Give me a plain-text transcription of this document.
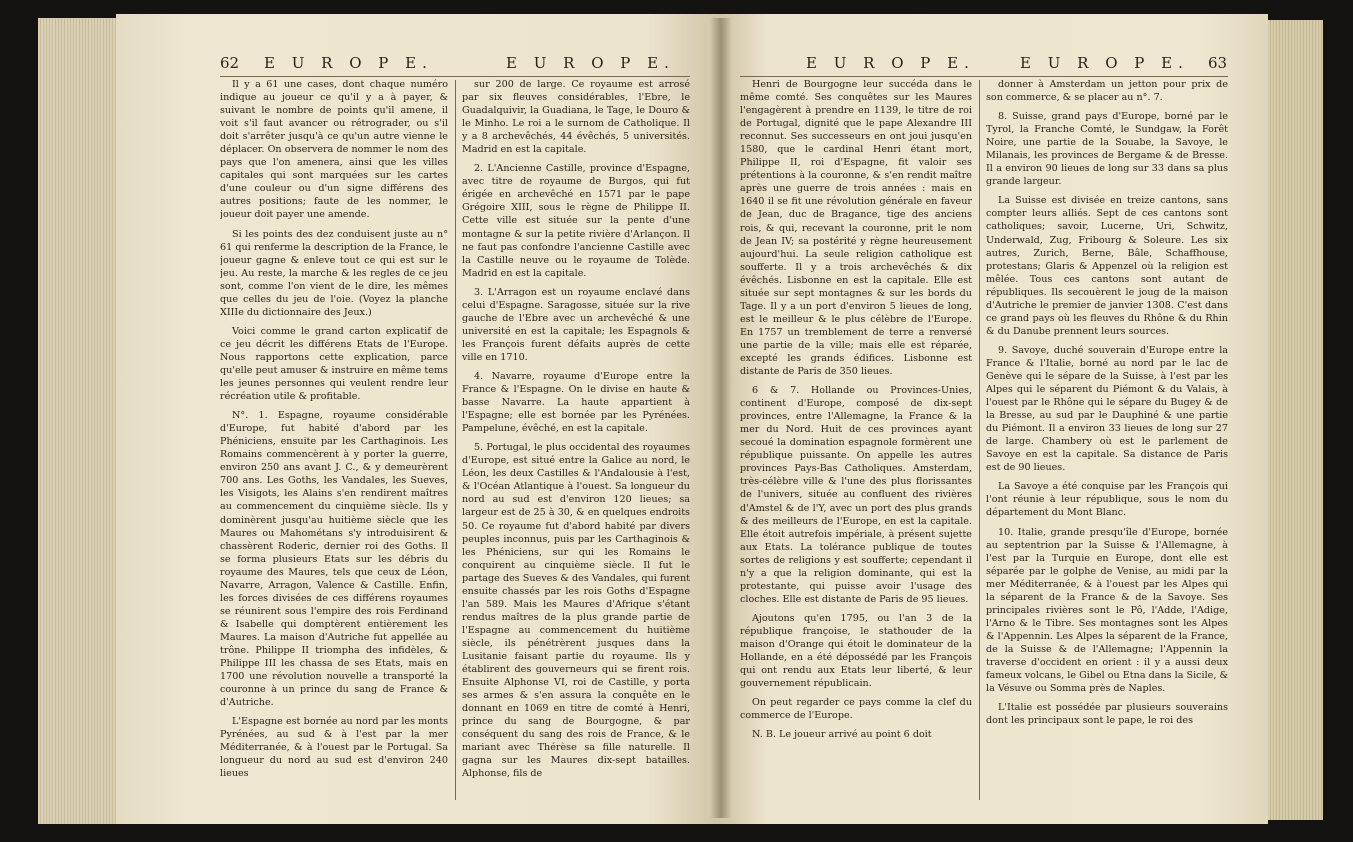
62 E U R O P E.	E U R O P E.

Il y a 61 une cases, dont chaque numéro indique au joueur ce qu'il y a à payer, & suivant le nombre de points qu'il amene, il voit s'il faut avancer ou rétrograder, ou s'il doit s'arrêter jusqu'à ce qu'un autre vienne le déplacer. On observera de nommer le nom des pays que l'on amenera, ainsi que les villes capitales qui sont marquées sur les cartes d'une couleur ou d'un signe différens des autres positions; faute de les nommer, le joueur doit payer une amende.

Si les points des dez conduisent juste au n° 61 qui renferme la description de la France, le joueur gagne & enleve tout ce qui est sur le jeu. Au reste, la marche & les regles de ce jeu sont, comme l'on vient de le dire, les mêmes que celles du jeu de l'oie. (Voyez la planche XIIIe du dictionnaire des Jeux.)

Voici comme le grand carton explicatif de ce jeu décrit les différens Etats de l'Europe. Nous rapportons cette explication, parce qu'elle peut amuser & instruire en même tems les jeunes personnes qui veulent rendre leur récréation utile & profitable.

N°. 1. Espagne, royaume considérable d'Europe, fut habité d'abord par les Phéniciens, ensuite par les Carthaginois. Les Romains commencèrent à y porter la guerre, environ 250 ans avant J. C., & y demeurèrent 700 ans. Les Goths, les Vandales, les Sueves, les Visigots, les Alains s'en rendirent maîtres au commencement du cinquième siècle. Ils y dominèrent jusqu'au huitième siècle que les Maures ou Mahométans s'y introduisirent & chassèrent Roderic, dernier roi des Goths. Il se forma plusieurs Etats sur les débris du royaume des Maures, tels que ceux de Léon, Navarre, Arragon, Valence & Castille. Enfin, les forces divisées de ces différens royaumes se réunirent sous l'empire des rois Ferdinand & Isabelle qui domptèrent entièrement les Maures. La maison d'Autriche fut appellée au trône. Philippe II triompha des infidèles, & Philippe III les chassa de ses Etats, mais en 1700 une révolution nouvelle a transporté la couronne à un prince du sang de France & d'Autriche.

L'Espagne est bornée au nord par les monts Pyrénées, au sud & à l'est par la mer Méditerranée, & à l'ouest par le Portugal. Sa longueur du nord au sud est d'environ 240 lieues

sur 200 de large. Ce royaume est arrosé par six fleuves considérables, l'Ebre, le Guadalquivir, la Guadiana, le Tage, le Douro & le Minho. Le roi a le surnom de Catholique. Il y a 8 archevêchés, 44 évêchés, 5 universités. Madrid en est la capitale.

2. L'Ancienne Castille, province d'Espagne, avec titre de royaume de Burgos, qui fut érigée en archevêché en 1571 par le pape Grégoire XIII, sous le règne de Philippe II. Cette ville est située sur la pente d'une montagne & sur la petite rivière d'Arlançon. Il ne faut pas confondre l'ancienne Castille avec la Castille neuve ou le royaume de Tolède. Madrid en est la capitale.

3. L'Arragon est un royaume enclavé dans celui d'Espagne. Saragosse, située sur la rive gauche de l'Ebre avec un archevêché & une université en est la capitale; les Espagnols & les François furent défaits auprès de cette ville en 1710.

4. Navarre, royaume d'Europe entre la France & l'Espagne. On le divise en haute & basse Navarre. La haute appartient à l'Espagne; elle est bornée par les Pyrénées. Pampelune, évêché, en est la capitale.

5. Portugal, le plus occidental des royaumes d'Europe, est situé entre la Galice au nord, le Léon, les deux Castilles & l'Andalousie à l'est, & l'Océan Atlantique à l'ouest. Sa longueur du nord au sud est d'environ 120 lieues; sa largeur est de 25 à 30, & en quelques endroits 50. Ce royaume fut d'abord habité par divers peuples inconnus, puis par les Carthaginois & les Phéniciens, sur qui les Romains le conquirent au cinquième siècle. Il fut le partage des Sueves & des Vandales, qui furent ensuite chassés par les rois Goths d'Espagne l'an 589. Mais les Maures d'Afrique s'étant rendus maîtres de la plus grande partie de l'Espagne au commencement du huitième siècle, ils pénétrèrent jusques dans la Lusitanie faisant partie du royaume. Ils y établirent des gouverneurs qui se firent rois. Ensuite Alphonse VI, roi de Castille, y porta ses armes & s'en assura la conquête en le donnant en 1069 en titre de comté à Henri, prince du sang de Bourgogne, & par conséquent du sang des rois de France, & le mariant avec Thérèse sa fille naturelle. Il gagna sur les Maures dix-sept batailles. Alphonse, fils de

E U R O P E.	E U R O P E. 63

Henri de Bourgogne leur succéda dans le même comté. Ses conquêtes sur les Maures l'engagèrent à prendre en 1139, le titre de roi de Portugal, dignité que le pape Alexandre III reconnut. Ses successeurs en ont joui jusqu'en 1580, que le cardinal Henri étant mort, Philippe II, roi d'Espagne, fit valoir ses prétentions à la couronne, & s'en rendit maître après une guerre de trois années : mais en 1640 il se fit une révolution générale en faveur de Jean, duc de Bragance, tige des anciens rois, & qui, recevant la couronne, prit le nom de Jean IV; sa postérité y règne heureusement aujourd'hui. La seule religion catholique est soufferte. Il y a trois archevêchés & dix évêchés. Lisbonne en est la capitale. Elle est située sur sept montagnes & sur les bords du Tage. Il y a un port d'environ 5 lieues de long, est le meilleur & le plus célèbre de l'Europe. En 1757 un tremblement de terre a renversé une partie de la ville; mais elle est réparée, excepté les grands édifices. Lisbonne est distante de Paris de 350 lieues.

6 & 7. Hollande ou Provinces-Unies, continent d'Europe, composé de dix-sept provinces, entre l'Allemagne, la France & la mer du Nord. Huit de ces provinces ayant secoué la domination espagnole formèrent une république puissante. On appelle les autres provinces Pays-Bas Catholiques. Amsterdam, très-célèbre ville & l'une des plus florissantes de l'univers, située au confluent des rivières d'Amstel & de l'Y, avec un port des plus grands & des meilleurs de l'Europe, en est la capitale. Elle étoit autrefois impériale, à présent sujette aux Etats. La tolérance publique de toutes sortes de religions y est soufferte; cependant il n'y a que la religion dominante, qui est la protestante, qui puisse avoir l'usage des cloches. Elle est distante de Paris de 95 lieues.

Ajoutons qu'en 1795, ou l'an 3 de la république françoise, le stathouder de la maison d'Orange qui étoit le dominateur de la Hollande, en a été dépossédé par les François qui ont rendu aux Etats leur liberté, & leur gouvernement républicain.

On peut regarder ce pays comme la clef du commerce de l'Europe.

N. B. Le joueur arrivé au point 6 doit

donner à Amsterdam un jetton pour prix de son commerce, & se placer au n°. 7.

8. Suisse, grand pays d'Europe, borné par le Tyrol, la Franche Comté, le Sundgaw, la Forêt Noire, une partie de la Souabe, la Savoye, le Milanais, les provinces de Bergame & de Bresse. Il a environ 90 lieues de long sur 33 dans sa plus grande largeur.

La Suisse est divisée en treize cantons, sans compter leurs alliés. Sept de ces cantons sont catholiques; savoir, Lucerne, Uri, Schwitz, Underwald, Zug, Fribourg & Soleure. Les six autres, Zurich, Berne, Bâle, Schaffhouse, protestans; Glaris & Appenzel où la religion est mêlée. Tous ces cantons sont autant de républiques. Ils secouèrent le joug de la maison d'Autriche le premier de janvier 1308. C'est dans ce grand pays où les fleuves du Rhône & du Rhin & du Danube prennent leurs sources.

9. Savoye, duché souverain d'Europe entre la France & l'Italie, borné au nord par le lac de Genève qui le sépare de la Suisse, à l'est par les Alpes qui le séparent du Piémont & du Valais, à l'ouest par le Rhône qui le sépare du Bugey & de la Bresse, au sud par le Dauphiné & une partie du Piémont. Il a environ 33 lieues de long sur 27 de large. Chambery où est le parlement de Savoye en est la capitale. Sa distance de Paris est de 90 lieues.

La Savoye a été conquise par les François qui l'ont réunie à leur république, sous le nom du département du Mont Blanc.

10. Italie, grande presqu'île d'Europe, bornée au septentrion par la Suisse & l'Allemagne, à l'est par la Turquie en Europe, dont elle est séparée par le golphe de Venise, au midi par la mer Méditerranée, & à l'ouest par les Alpes qui la séparent de la France & de la Savoye. Ses principales rivières sont le Pô, l'Adde, l'Adige, l'Arno & le Tibre. Ses montagnes sont les Alpes & l'Appennin. Les Alpes la séparent de la France, de la Suisse & de l'Allemagne; l'Appennin la traverse d'occident en orient : il y a aussi deux fameux volcans, le Gibel ou Etna dans la Sicile, & la Vésuve ou Somma près de Naples.

L'Italie est possédée par plusieurs souverains dont les principaux sont le pape, le roi des
